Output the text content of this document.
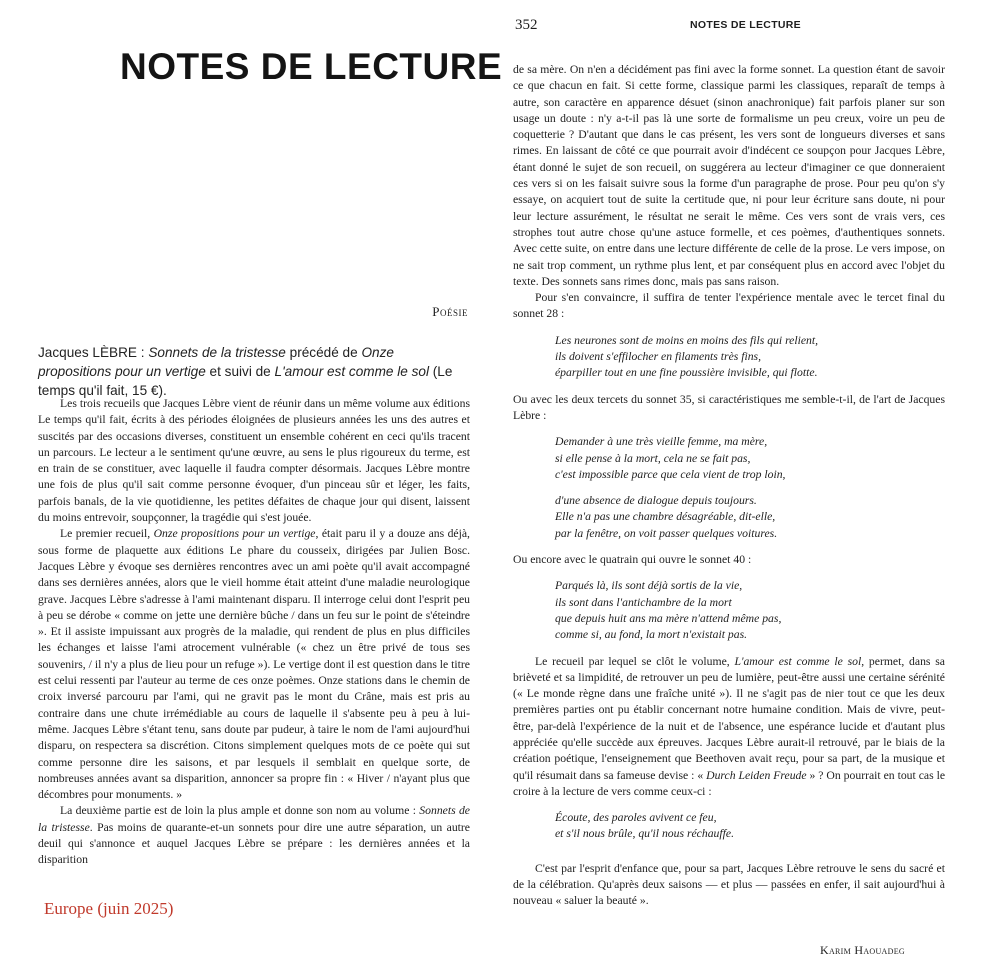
NOTES DE LECTURE
Poésie
Jacques LÈBRE : Sonnets de la tristesse précédé de Onze propositions pour un vertige et suivi de L'amour est comme le sol (Le temps qu'il fait, 15 €).

Les trois recueils que Jacques Lèbre vient de réunir dans un même volume aux éditions Le temps qu'il fait, écrits à des périodes éloignées de plusieurs années les uns des autres et suscités par des occasions diverses, constituent un ensemble cohérent en ceci qu'ils tracent un parcours. Le lecteur a le sentiment qu'une œuvre, au sens le plus rigoureux du terme, est en train de se constituer, avec laquelle il faudra compter désormais. Jacques Lèbre montre une fois de plus qu'il sait comme personne évoquer, d'un pinceau sûr et léger, les faits, parfois banals, de la vie quotidienne, les petites défaites de chaque jour qui disent, laissent du moins entrevoir, soupçonner, la tragédie qui s'est jouée.

Le premier recueil, Onze propositions pour un vertige, était paru il y a douze ans déjà, sous forme de plaquette aux éditions Le phare du cousseix, dirigées par Julien Bosc. Jacques Lèbre y évoque ses dernières rencontres avec un ami poète qu'il avait accompagné dans ses dernières années, alors que le vieil homme était atteint d'une maladie neurologique grave. Jacques Lèbre s'adresse à l'ami maintenant disparu. Il interroge celui dont l'esprit peu à peu se dérobe « comme on jette une dernière bûche / dans un feu sur le point de s'éteindre ». Et il assiste impuissant aux progrès de la maladie, qui rendent de plus en plus difficiles les échanges et laisse l'ami atrocement vulnérable (« chez un être privé de tous ses souvenirs, / il n'y a plus de lieu pour un refuge »). Le vertige dont il est question dans le titre est celui ressenti par l'auteur au terme de ces onze poèmes. Onze stations dans le chemin de croix inversé parcouru par l'ami, qui ne gravit pas le mont du Crâne, mais est pris au contraire dans une chute irrémédiable au cours de laquelle il s'absente peu à peu à lui-même. Jacques Lèbre s'étant tenu, sans doute par pudeur, à taire le nom de l'ami aujourd'hui disparu, on respectera sa discrétion. Citons simplement quelques mots de ce poète qui sut comme personne dire les saisons, et par lesquels il semblait en quelque sorte, de nombreuses années avant sa disparition, annoncer sa propre fin : « Hiver / n'ayant plus que décombres pour monuments. »

La deuxième partie est de loin la plus ample et donne son nom au volume : Sonnets de la tristesse. Pas moins de quarante-et-un sonnets pour dire une autre séparation, un autre deuil qui s'annonce et auquel Jacques Lèbre se prépare : les dernières années et la disparition

Europe (juin 2025)
352	NOTES DE LECTURE

de sa mère. On n'en a décidément pas fini avec la forme sonnet. La question étant de savoir ce que chacun en fait. Si cette forme, classique parmi les classiques, reparaît de temps à autre, son caractère en apparence désuet (sinon anachronique) fait parfois planer sur son usage un doute : n'y a-t-il pas là une sorte de formalisme un peu creux, voire un peu de coquetterie ? D'autant que dans le cas présent, les vers sont de longueurs diverses et sans rimes. En laissant de côté ce que pourrait avoir d'indécent ce soupçon pour Jacques Lèbre, étant donné le sujet de son recueil, on suggérera au lecteur d'imaginer ce que donneraient ces vers si on les faisait suivre sous la forme d'un paragraphe de prose. Pour peu qu'on s'y essaye, on acquiert tout de suite la certitude que, ni pour leur écriture sans doute, ni pour leur lecture assurément, le résultat ne serait le même. Ces vers sont de vrais vers, ces strophes tout autre chose qu'une astuce formelle, et ces poèmes, d'authentiques sonnets. Avec cette suite, on entre dans une lecture différente de celle de la prose. Le vers impose, on ne sait trop comment, un rythme plus lent, et par conséquent plus en accord avec l'objet du texte. Des sonnets sans rimes donc, mais pas sans raison.

Pour s'en convaincre, il suffira de tenter l'expérience mentale avec le tercet final du sonnet 28 :

Les neurones sont de moins en moins des fils qui relient,
ils doivent s'effilocher en filaments très fins,
éparpiller tout en une fine poussière invisible, qui flotte.

Ou avec les deux tercets du sonnet 35, si caractéristiques me semble-t-il, de l'art de Jacques Lèbre :

Demander à une très vieille femme, ma mère,
si elle pense à la mort, cela ne se fait pas,
c'est impossible parce que cela vient de trop loin,
d'une absence de dialogue depuis toujours.
Elle n'a pas une chambre désagréable, dit-elle,
par la fenêtre, on voit passer quelques voitures.

Ou encore avec le quatrain qui ouvre le sonnet 40 :

Parqués là, ils sont déjà sortis de la vie,
ils sont dans l'antichambre de la mort
que depuis huit ans ma mère n'attend même pas,
comme si, au fond, la mort n'existait pas.

Le recueil par lequel se clôt le volume, L'amour est comme le sol, permet, dans sa brièveté et sa limpidité, de retrouver un peu de lumière, peut-être aussi une certaine sérénité (« Le monde règne dans une fraîche unité »). Il ne s'agit pas de nier tout ce que les deux premières parties ont pu établir concernant notre humaine condition. Mais de vivre, peut-être, par-delà l'expérience de la nuit et de l'absence, une espérance lucide et d'autant plus appréciée qu'elle succède aux épreuves. Jacques Lèbre aurait-il retrouvé, par le biais de la création poétique, l'enseignement que Beethoven avait reçu, pour sa part, de la musique et qu'il résumait dans sa fameuse devise : « Durch Leiden Freude » ? On pourrait en tout cas le croire à la lecture de vers comme ceux-ci :

Écoute, des paroles avivent ce feu,
et s'il nous brûle, qu'il nous réchauffe.

C'est par l'esprit d'enfance que, pour sa part, Jacques Lèbre retrouve le sens du sacré et de la célébration. Qu'après deux saisons — et plus — passées en enfer, il sait aujourd'hui à nouveau « saluer la beauté ».

Karim Haouadeg
